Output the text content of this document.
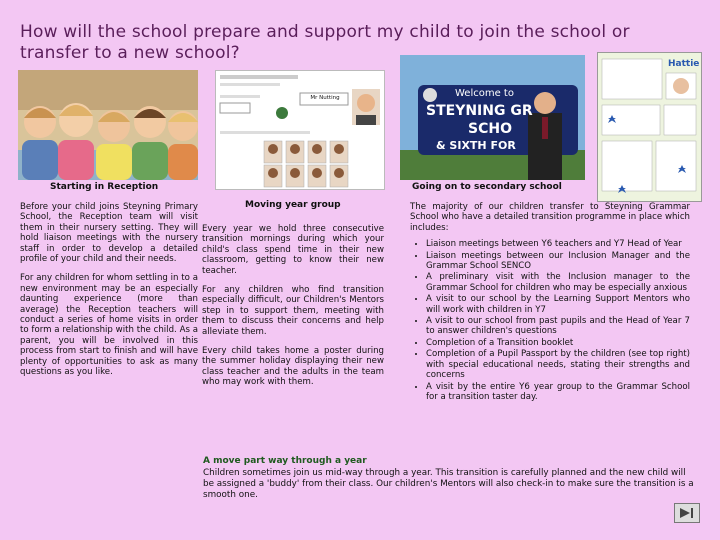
How will the school prepare and support my child to join the school or transfer to a new school?
Mr Nutting	Welcome to
STEYNING GR
SCHO
& SIXTH FOR
Hattie
Starting in Reception

Before your child joins Steyning Primary School, the Reception team will visit them in their nursery setting. They will hold liaison meetings with the nursery staff in order to develop a detailed profile of your child and their needs.

For any children for whom settling in to a new environment may be an especially daunting experience (more than average) the Reception teachers will conduct a series of home visits in order to form a relationship with the child. As a parent, you will be involved in this process from start to finish and will have plenty of opportunities to ask as many questions as you like.

Moving year group

Every year we hold three consecutive transition mornings during which your child's class spend time in their new classroom, getting to know their new teacher.

For any children who find transition especially difficult, our Children's Mentors step in to support them, meeting with them to discuss their concerns and help alleviate them.

Every child takes home a poster during the summer holiday displaying their new class teacher and the adults in the team who may work with them.

Going on to secondary school

The majority of our children transfer to Steyning Grammar School who have a detailed transition programme in place which includes:

• Liaison meetings between Y6 teachers and Y7 Head of Year
• Liaison meetings between our Inclusion Manager and the Grammar School SENCO
• A preliminary visit with the Inclusion manager to the Grammar School for children who may be especially anxious
• A visit to our school by the Learning Support Mentors who will work with children in Y7
• A visit to our school from past pupils and the Head of Year 7 to answer children's questions
• Completion of a Transition booklet
• Completion of a Pupil Passport by the children (see top right) with special educational needs, stating their strengths and concerns
• A visit by the entire Y6 year group to the Grammar School for a transition taster day.
A move part way through a year
Children sometimes join us mid-way through a year. This transition is carefully planned and the new child will be assigned a 'buddy' from their class. Our children's Mentors will also check-in to make sure the transition is a smooth one.
